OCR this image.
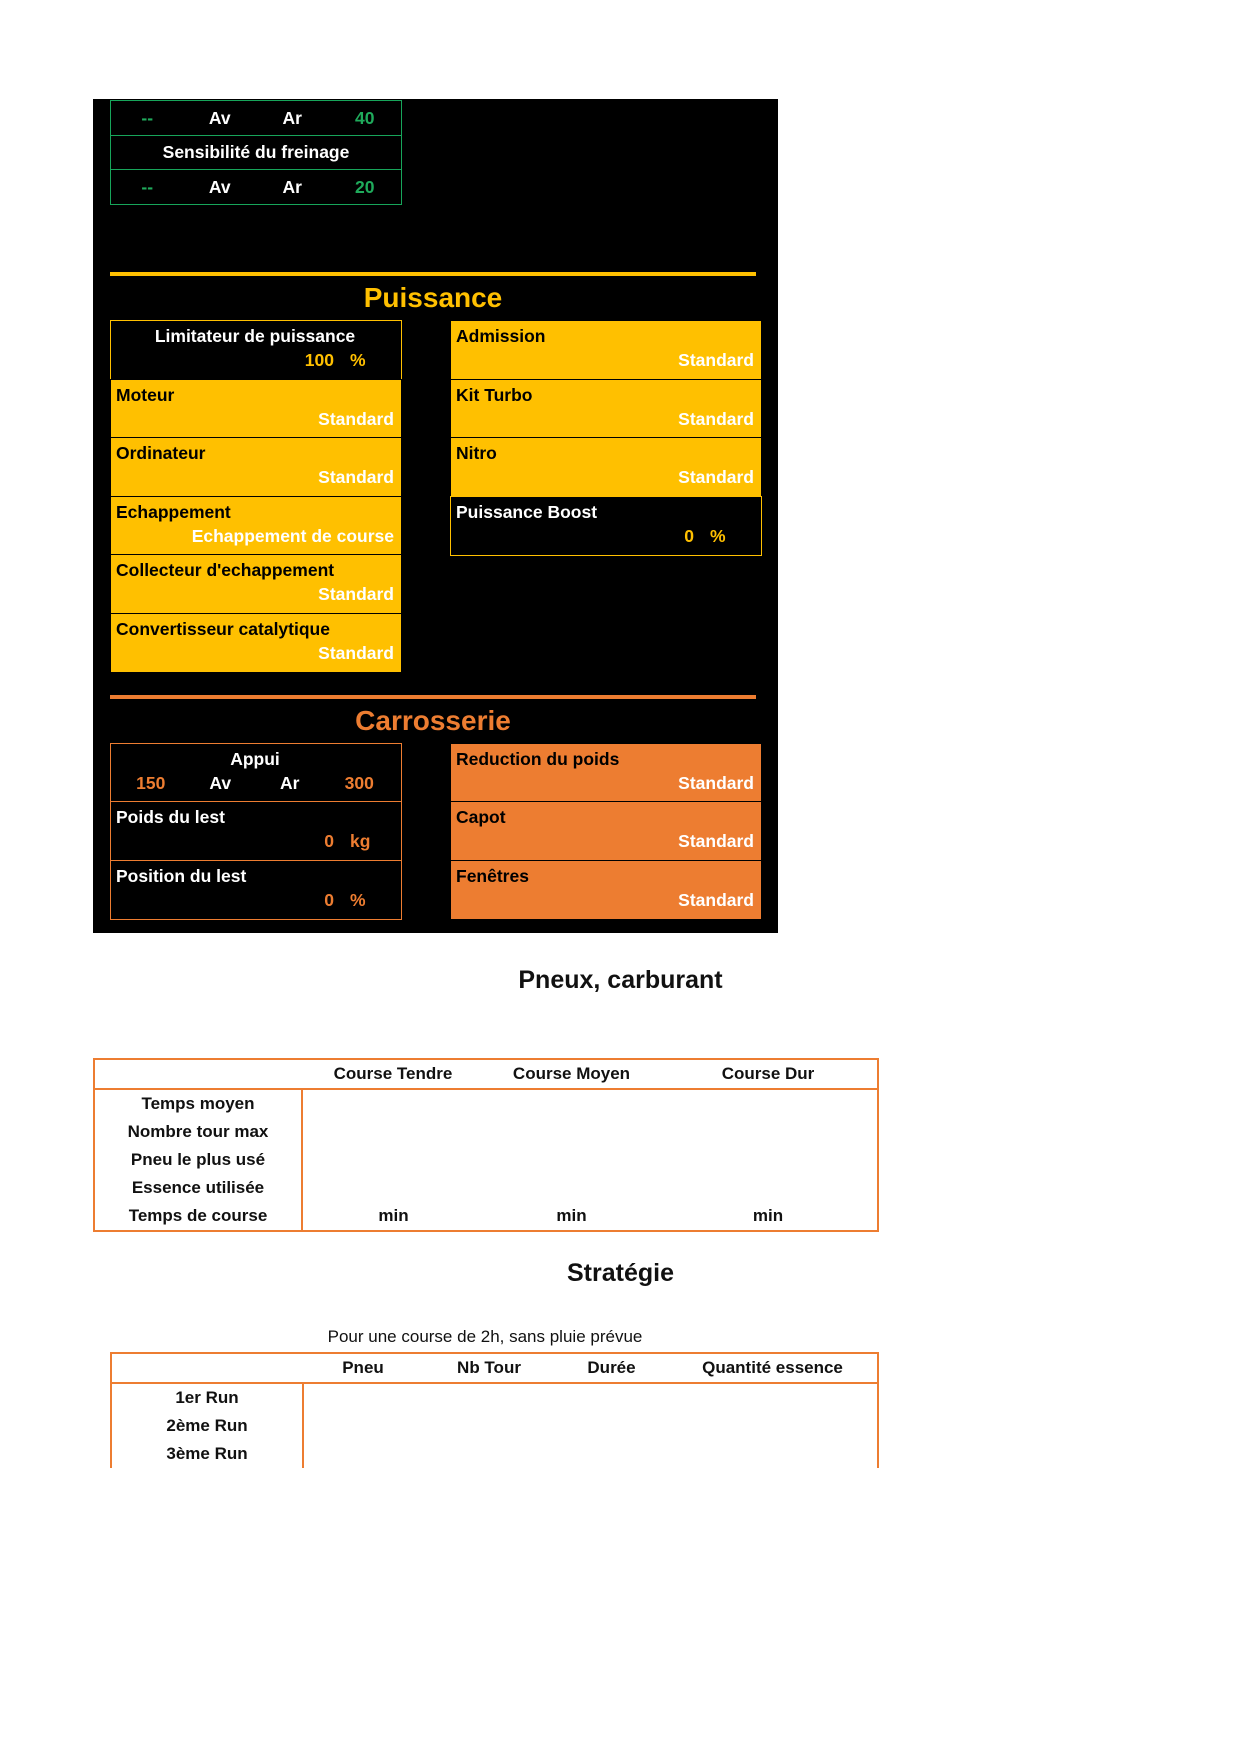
--	Av	Ar	40
Sensibilité du freinage
--	Av	Ar	20
Puissance
Limitateur de puissance
100 %
Moteur
Standard
Ordinateur
Standard
Echappement
Echappement de course
Collecteur d'echappement
Standard
Convertisseur catalytique
Standard
Admission
Standard
Kit Turbo
Standard
Nitro
Standard
Puissance Boost
0 %
Carrosserie
Appui
150	Av	Ar	300
Poids du lest
0 kg
Position du lest
0 %
Reduction du poids
Standard
Capot
Standard
Fenêtres
Standard
Pneux, carburant
	Course Tendre	Course Moyen	Course Dur
Temps moyen			
Nombre tour max			
Pneu le plus usé			
Essence utilisée			
Temps de course	min	min	min
Stratégie
Pour une course de 2h, sans pluie prévue
	Pneu	Nb Tour	Durée	Quantité essence
1er Run				
2ème Run				
3ème Run				
